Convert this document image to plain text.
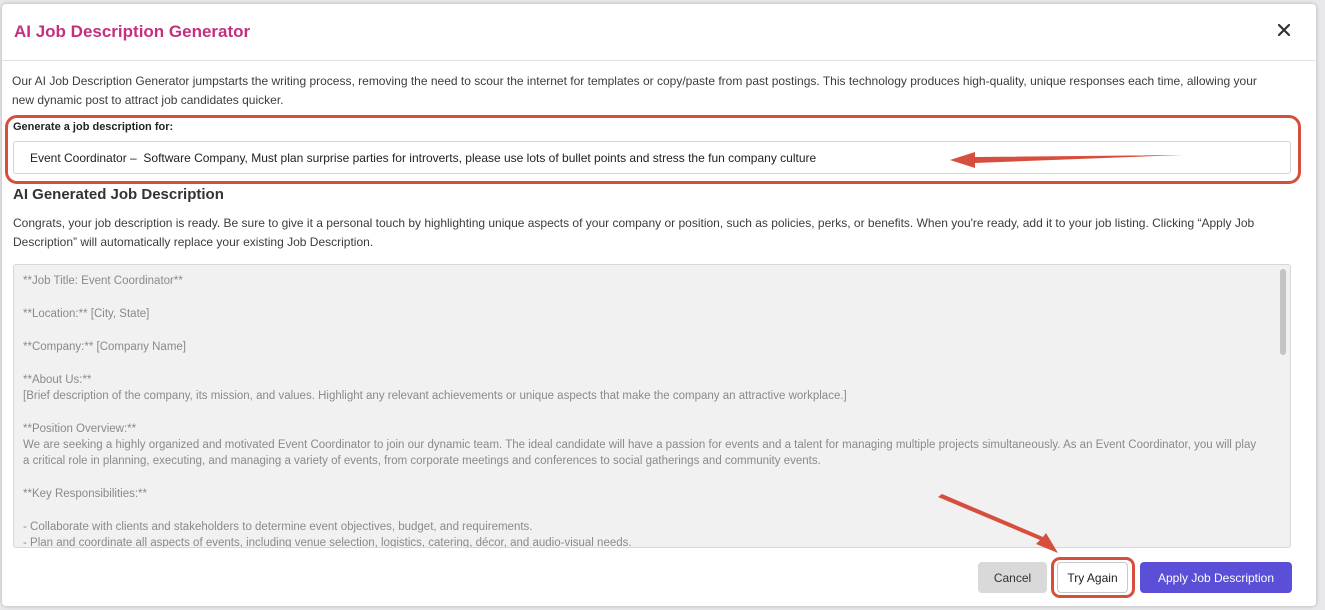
AI Job Description Generator
Our AI Job Description Generator jumpstarts the writing process, removing the need to scour the internet for templates or copy/paste from past postings. This technology produces high-quality, unique responses each time, allowing your new dynamic post to attract job candidates quicker.
Generate a job description for:
Event Coordinator – Software Company, Must plan surprise parties for introverts, please use lots of bullet points and stress the fun company culture
AI Generated Job Description
Congrats, your job description is ready. Be sure to give it a personal touch by highlighting unique aspects of your company or position, such as policies, perks, or benefits. When you're ready, add it to your job listing. Clicking “Apply Job Description” will automatically replace your existing Job Description.

**Job Title: Event Coordinator**

**Location:** [City, State]

**Company:** [Company Name]

**About Us:**

[Brief description of the company, its mission, and values. Highlight any relevant achievements or unique aspects that make the company an attractive workplace.]

**Position Overview:**

We are seeking a highly organized and motivated Event Coordinator to join our dynamic team. The ideal candidate will have a passion for events and a talent for managing multiple projects simultaneously. As an Event Coordinator, you will play a critical role in planning, executing, and managing a variety of events, from corporate meetings and conferences to social gatherings and community events.

**Key Responsibilities:**

- Collaborate with clients and stakeholders to determine event objectives, budget, and requirements.

- Plan and coordinate all aspects of events, including venue selection, logistics, catering, décor, and audio-visual needs.

Cancel	Try Again	Apply Job Description
